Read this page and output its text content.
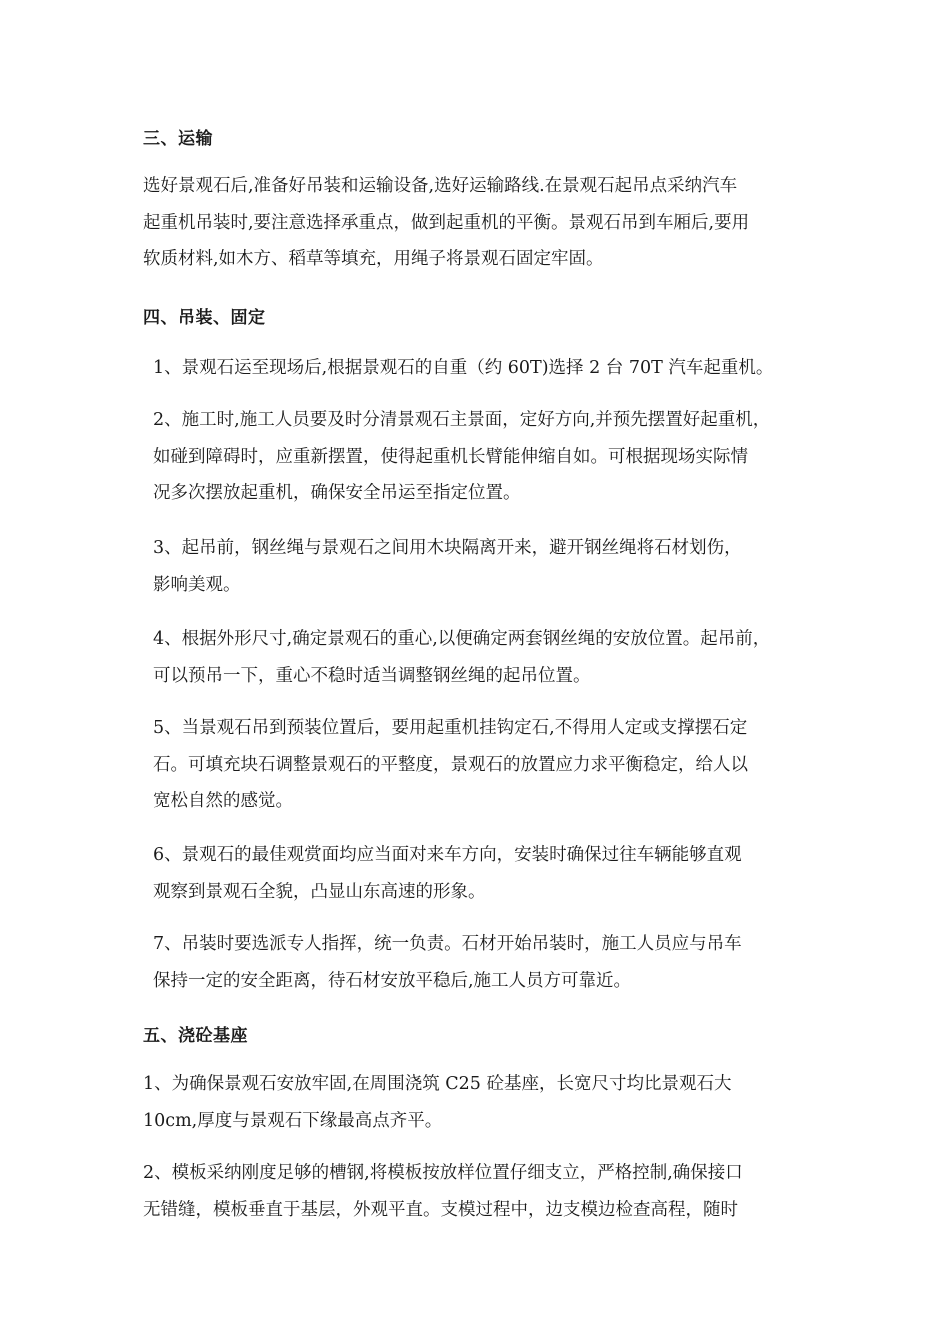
三、运输
选好景观石后,准备好吊装和运输设备,选好运输路线.在景观石起吊点采纳汽车
起重机吊装时,要注意选择承重点，做到起重机的平衡。景观石吊到车厢后,要用
软质材料,如木方、稻草等填充，用绳子将景观石固定牢固。
四、吊装、固定
1、景观石运至现场后,根据景观石的自重（约 60T)选择 2 台 70T 汽车起重机。
2、施工时,施工人员要及时分清景观石主景面，定好方向,并预先摆置好起重机，
如碰到障碍时，应重新摆置，使得起重机长臂能伸缩自如。可根据现场实际情
况多次摆放起重机，确保安全吊运至指定位置。
3、起吊前，钢丝绳与景观石之间用木块隔离开来，避开钢丝绳将石材划伤，
影响美观。
4、根据外形尺寸,确定景观石的重心,以便确定两套钢丝绳的安放位置。起吊前，
可以预吊一下，重心不稳时适当调整钢丝绳的起吊位置。
5、当景观石吊到预装位置后，要用起重机挂钩定石,不得用人定或支撑摆石定
石。可填充块石调整景观石的平整度，景观石的放置应力求平衡稳定，给人以
宽松自然的感觉。
6、景观石的最佳观赏面均应当面对来车方向，安装时确保过往车辆能够直观
观察到景观石全貌，凸显山东高速的形象。
7、吊装时要选派专人指挥，统一负责。石材开始吊装时，施工人员应与吊车
保持一定的安全距离，待石材安放平稳后,施工人员方可靠近。
五、浇砼基座
1、为确保景观石安放牢固,在周围浇筑 C25 砼基座，长宽尺寸均比景观石大
10cm,厚度与景观石下缘最高点齐平。
2、模板采纳刚度足够的槽钢,将模板按放样位置仔细支立，严格控制,确保接口
无错缝，模板垂直于基层，外观平直。支模过程中，边支模边检查高程，随时
